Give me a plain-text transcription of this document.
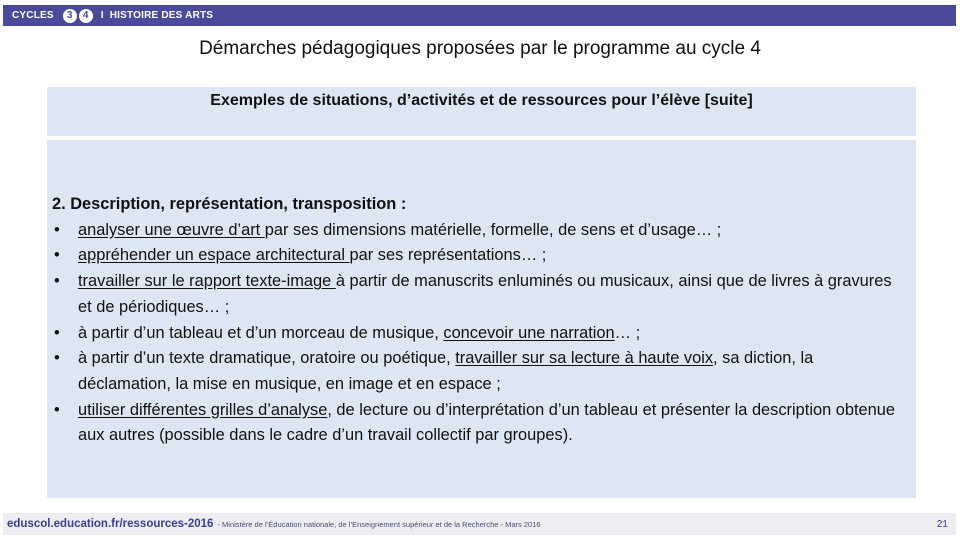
CYCLES	3	4	I HISTOIRE DES ARTS
Démarches pédagogiques proposées par le programme au cycle 4
Exemples de situations, d’activités et de ressources pour l’élève [suite]
2. Description, représentation, transposition :
• analyser une œuvre d’art par ses dimensions matérielle, formelle, de sens et d’usage… ;
• appréhender un espace architectural par ses représentations… ;
• travailler sur le rapport texte-image à partir de manuscrits enluminés ou musicaux, ainsi que de livres à gravures et de périodiques… ;
• à partir d’un tableau et d’un morceau de musique, concevoir une narration… ;
• à partir d’un texte dramatique, oratoire ou poétique, travailler sur sa lecture à haute voix, sa diction, la déclamation, la mise en musique, en image et en espace ;
• utiliser différentes grilles d’analyse, de lecture ou d’interprétation d’un tableau et présenter la description obtenue aux autres (possible dans le cadre d’un travail collectif par groupes).
eduscol.education.fr/ressources-2016 - Ministère de l’Éducation nationale, de l’Enseignement supérieur et de la Recherche - Mars 2016	21
